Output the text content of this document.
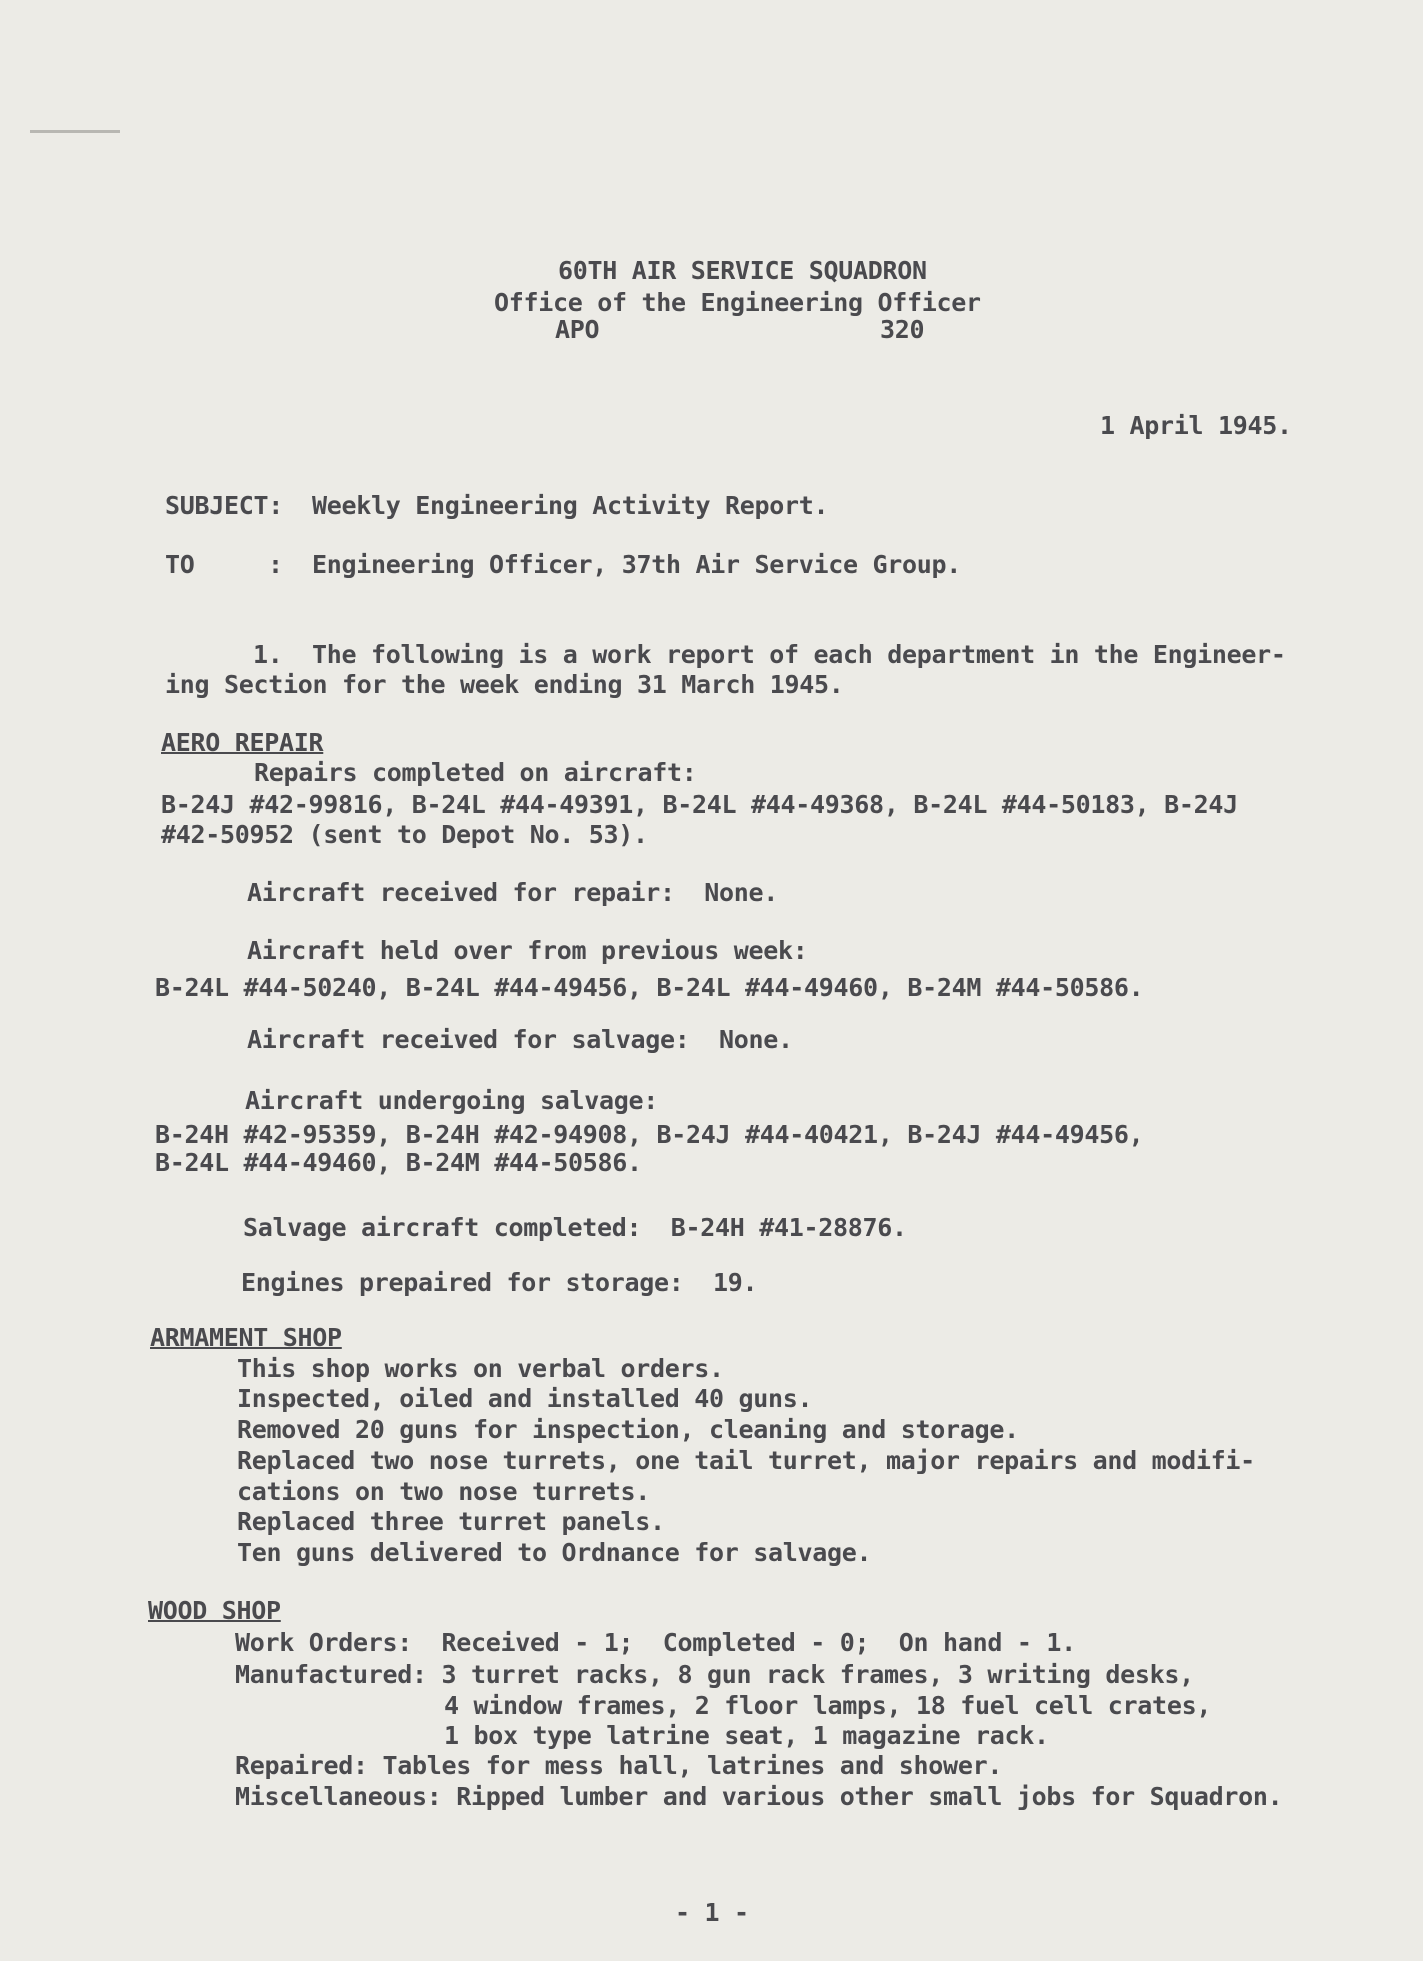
60TH AIR SERVICE SQUADRON
Office of the Engineering Officer
APO	320
1 April 1945.
SUBJECT: Weekly Engineering Activity Report.
TO	: Engineering Officer, 37th Air Service Group.
1.  The following is a work report of each department in the Engineer-
ing Section for the week ending 31 March 1945.
AERO REPAIR
Repairs completed on aircraft:
B-24J #42-99816, B-24L #44-49391, B-24L #44-49368, B-24L #44-50183, B-24J
#42-50952 (sent to Depot No. 53).
Aircraft received for repair:  None.
Aircraft held over from previous week:
B-24L #44-50240, B-24L #44-49456, B-24L #44-49460, B-24M #44-50586.
Aircraft received for salvage:  None.
Aircraft undergoing salvage:
B-24H #42-95359, B-24H #42-94908, B-24J #44-40421, B-24J #44-49456,
B-24L #44-49460, B-24M #44-50586.
Salvage aircraft completed:  B-24H #41-28876.
Engines prepaired for storage:  19.
ARMAMENT SHOP
This shop works on verbal orders.
Inspected, oiled and installed 40 guns.
Removed 20 guns for inspection, cleaning and storage.
Replaced two nose turrets, one tail turret, major repairs and modifi-
cations on two nose turrets.
Replaced three turret panels.
Ten guns delivered to Ordnance for salvage.
WOOD SHOP
Work Orders:  Received - 1;  Completed - 0;  On hand - 1.
Manufactured: 3 turret racks, 8 gun rack frames, 3 writing desks,
4 window frames, 2 floor lamps, 18 fuel cell crates,
1 box type latrine seat, 1 magazine rack.
Repaired: Tables for mess hall, latrines and shower.
Miscellaneous: Ripped lumber and various other small jobs for Squadron.
- 1 -
